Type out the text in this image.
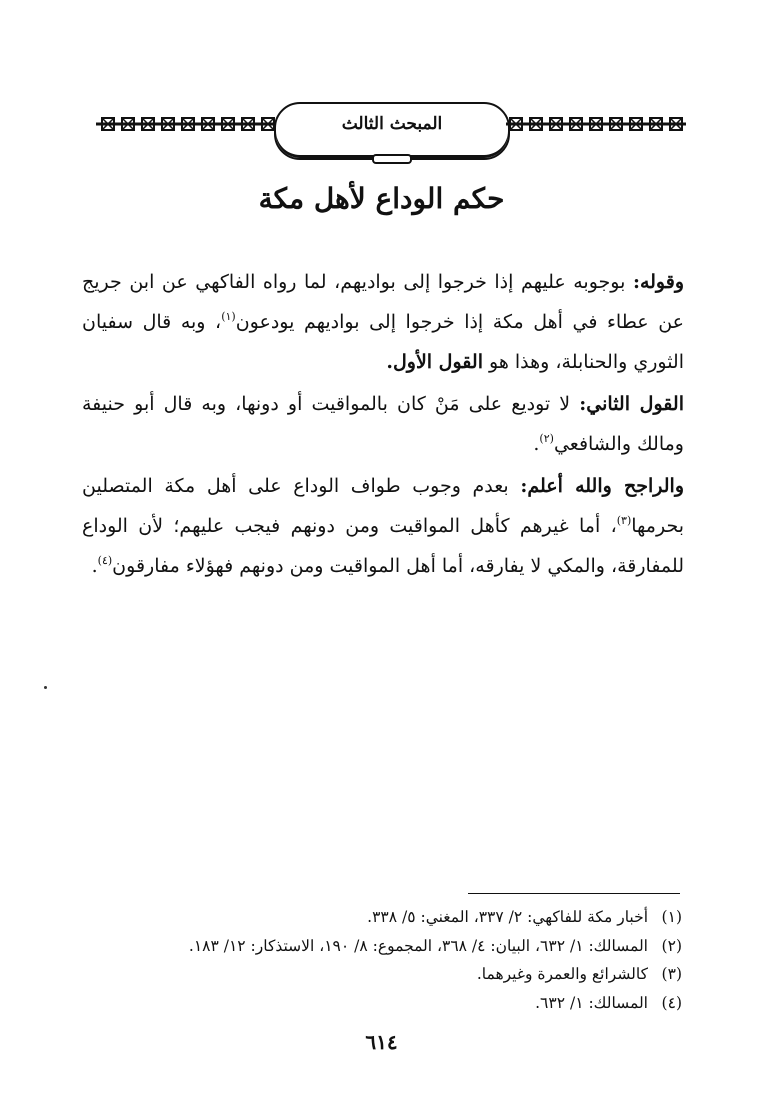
المبحث الثالث
حكم الوداع لأهل مكة

وقوله: بوجوبه عليهم إذا خرجوا إلى بواديهم، لما رواه الفاكهي عن ابن جريج عن عطاء في أهل مكة إذا خرجوا إلى بواديهم يودعون$^{(١)}$، وبه قال سفيان الثوري والحنابلة، وهذا هو القول الأول.

القول الثاني: لا توديع على مَنْ كان بالمواقيت أو دونها، وبه قال أبو حنيفة ومالك والشافعي$^{(٢)}$.

والراجح والله أعلم: بعدم وجوب طواف الوداع على أهل مكة المتصلين بحرمها$^{(٣)}$، أما غيرهم كأهل المواقيت ومن دونهم فيجب عليهم؛ لأن الوداع للمفارقة، والمكي لا يفارقه، أما أهل المواقيت ومن دونهم فهؤلاء مفارقون$^{(٤)}$.

(١)أخبار مكة للفاكهي: ٢/ ٣٣٧، المغني: ٥/ ٣٣٨.
(٢)المسالك: ١/ ٦٣٢، البيان: ٤/ ٣٦٨، المجموع: ٨/ ١٩٠، الاستذكار: ١٢/ ١٨٣.
(٣)كالشرائع والعمرة وغيرهما.
(٤)المسالك: ١/ ٦٣٢.
٦١٤
